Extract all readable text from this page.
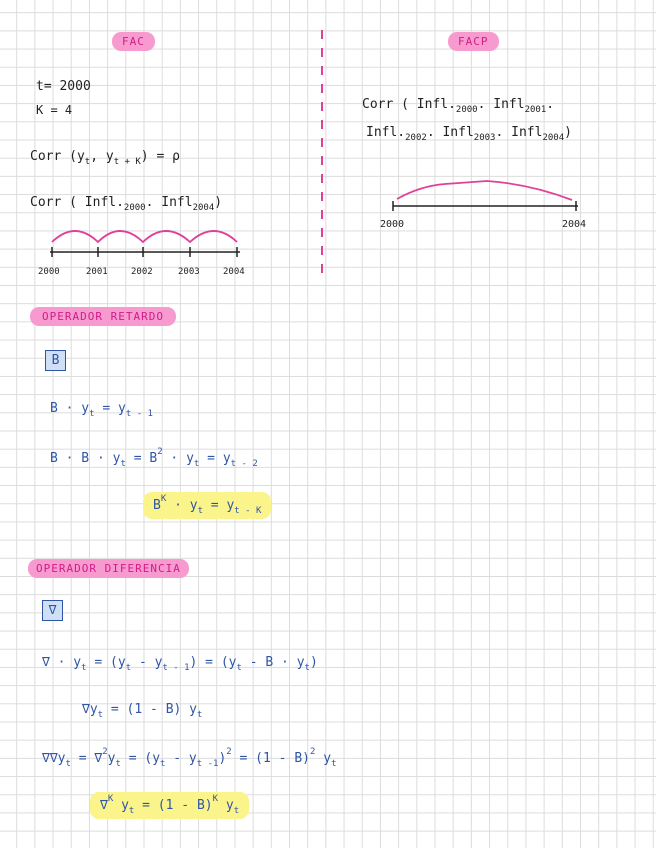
FAC
t= 2000
K = 4
Corr ($y_t$, $y_{t + K}) = \rho$
Corr ( $Infl._{2000}$. Infl$_{2004}$)
2000	2001	2002	2003	2004
FACP
Corr ( $Infl._{2000}$. Infl$_{2001}$.
$Infl._{2002}$. Infl$_{2003}$. Infl$_{2004}$)
2000	2004
OPERADOR RETARDO
B
$B \cdot y_t = y_{t - 1}$
$B \cdot B \cdot y_t = B^2 \cdot y_t = y_{t - 2}$
$B^K \cdot y_t = y_{t - K}$
OPERADOR DIFERENCIA
∇
∇ · $y_t = (y_t - y_{t - 1}) = (y_t - B \cdot y_t)$
$\nabla y_t = (1 - B)$ $y_t$
$\nabla\nabla y_t = \nabla^2y_t = (y_t - y_{t -1})^2 = (1 - B)^2$ $y_t$
∇$^K$ $y_t = (1 - B)^K$ $y_t$
